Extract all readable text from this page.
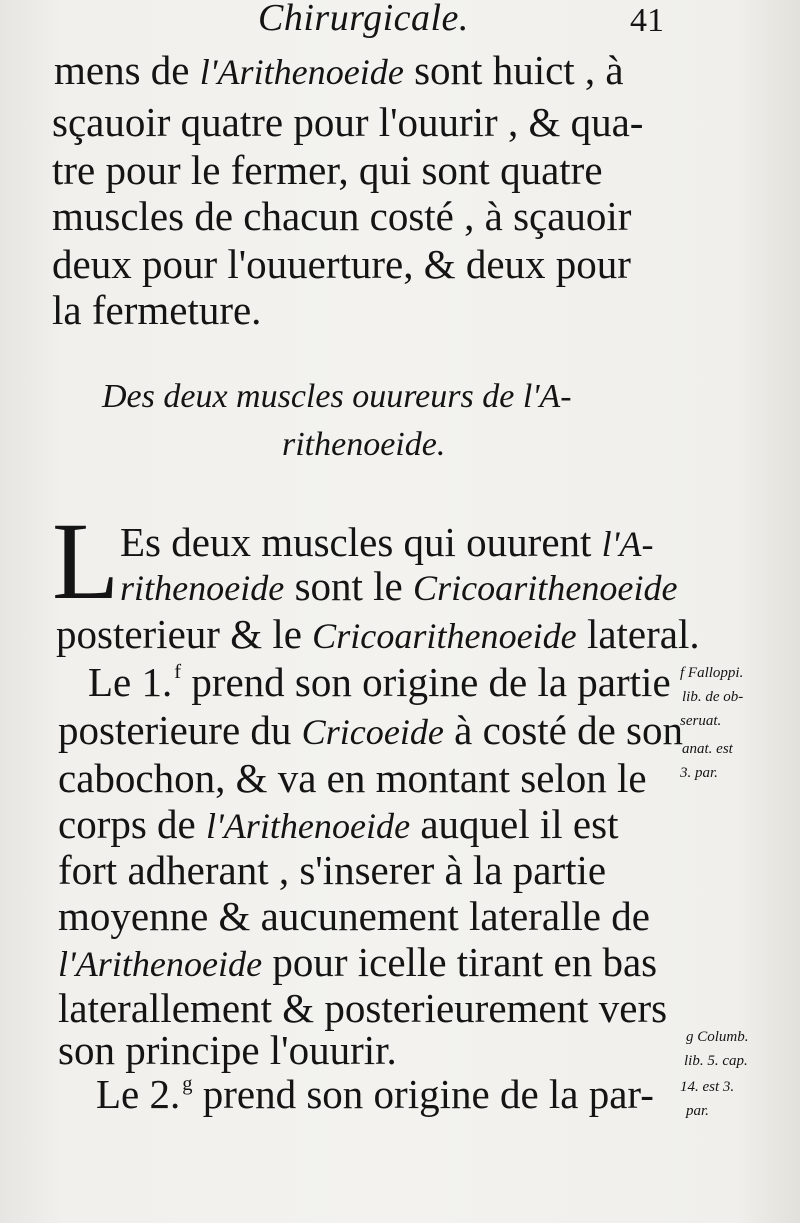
Chirurgicale.	41
mens de l'Arithenoeide sont huict , à
sçauoir quatre pour l'ouurir , & qua-
tre pour le fermer, qui sont quatre
muscles de chacun costé , à sçauoir
deux pour l'ouuerture, & deux pour
la fermeture.
Des deux muscles ouureurs de l'A-
rithenoeide.
L Es deux muscles qui ouurent l'A-
rithenoeide sont le Cricoarithenoeide
posterieur & le Cricoarithenoeide lateral.
Le 1.$^f$ prend son origine de la partie
posterieure du Cricoeide à costé de son
cabochon, & va en montant selon le
corps de l'Arithenoeide auquel il est
fort adherant , s'inserer à la partie
moyenne & aucunement lateralle de
l'Arithenoeide pour icelle tirant en bas
laterallement & posterieurement vers
son principe l'ouurir.
Le 2.$^g$ prend son origine de la par-
f Falloppi.
lib. de ob-
seruat.
anat. est
3. par.
g Columb.
lib. 5. cap.
14. est 3.
par.
